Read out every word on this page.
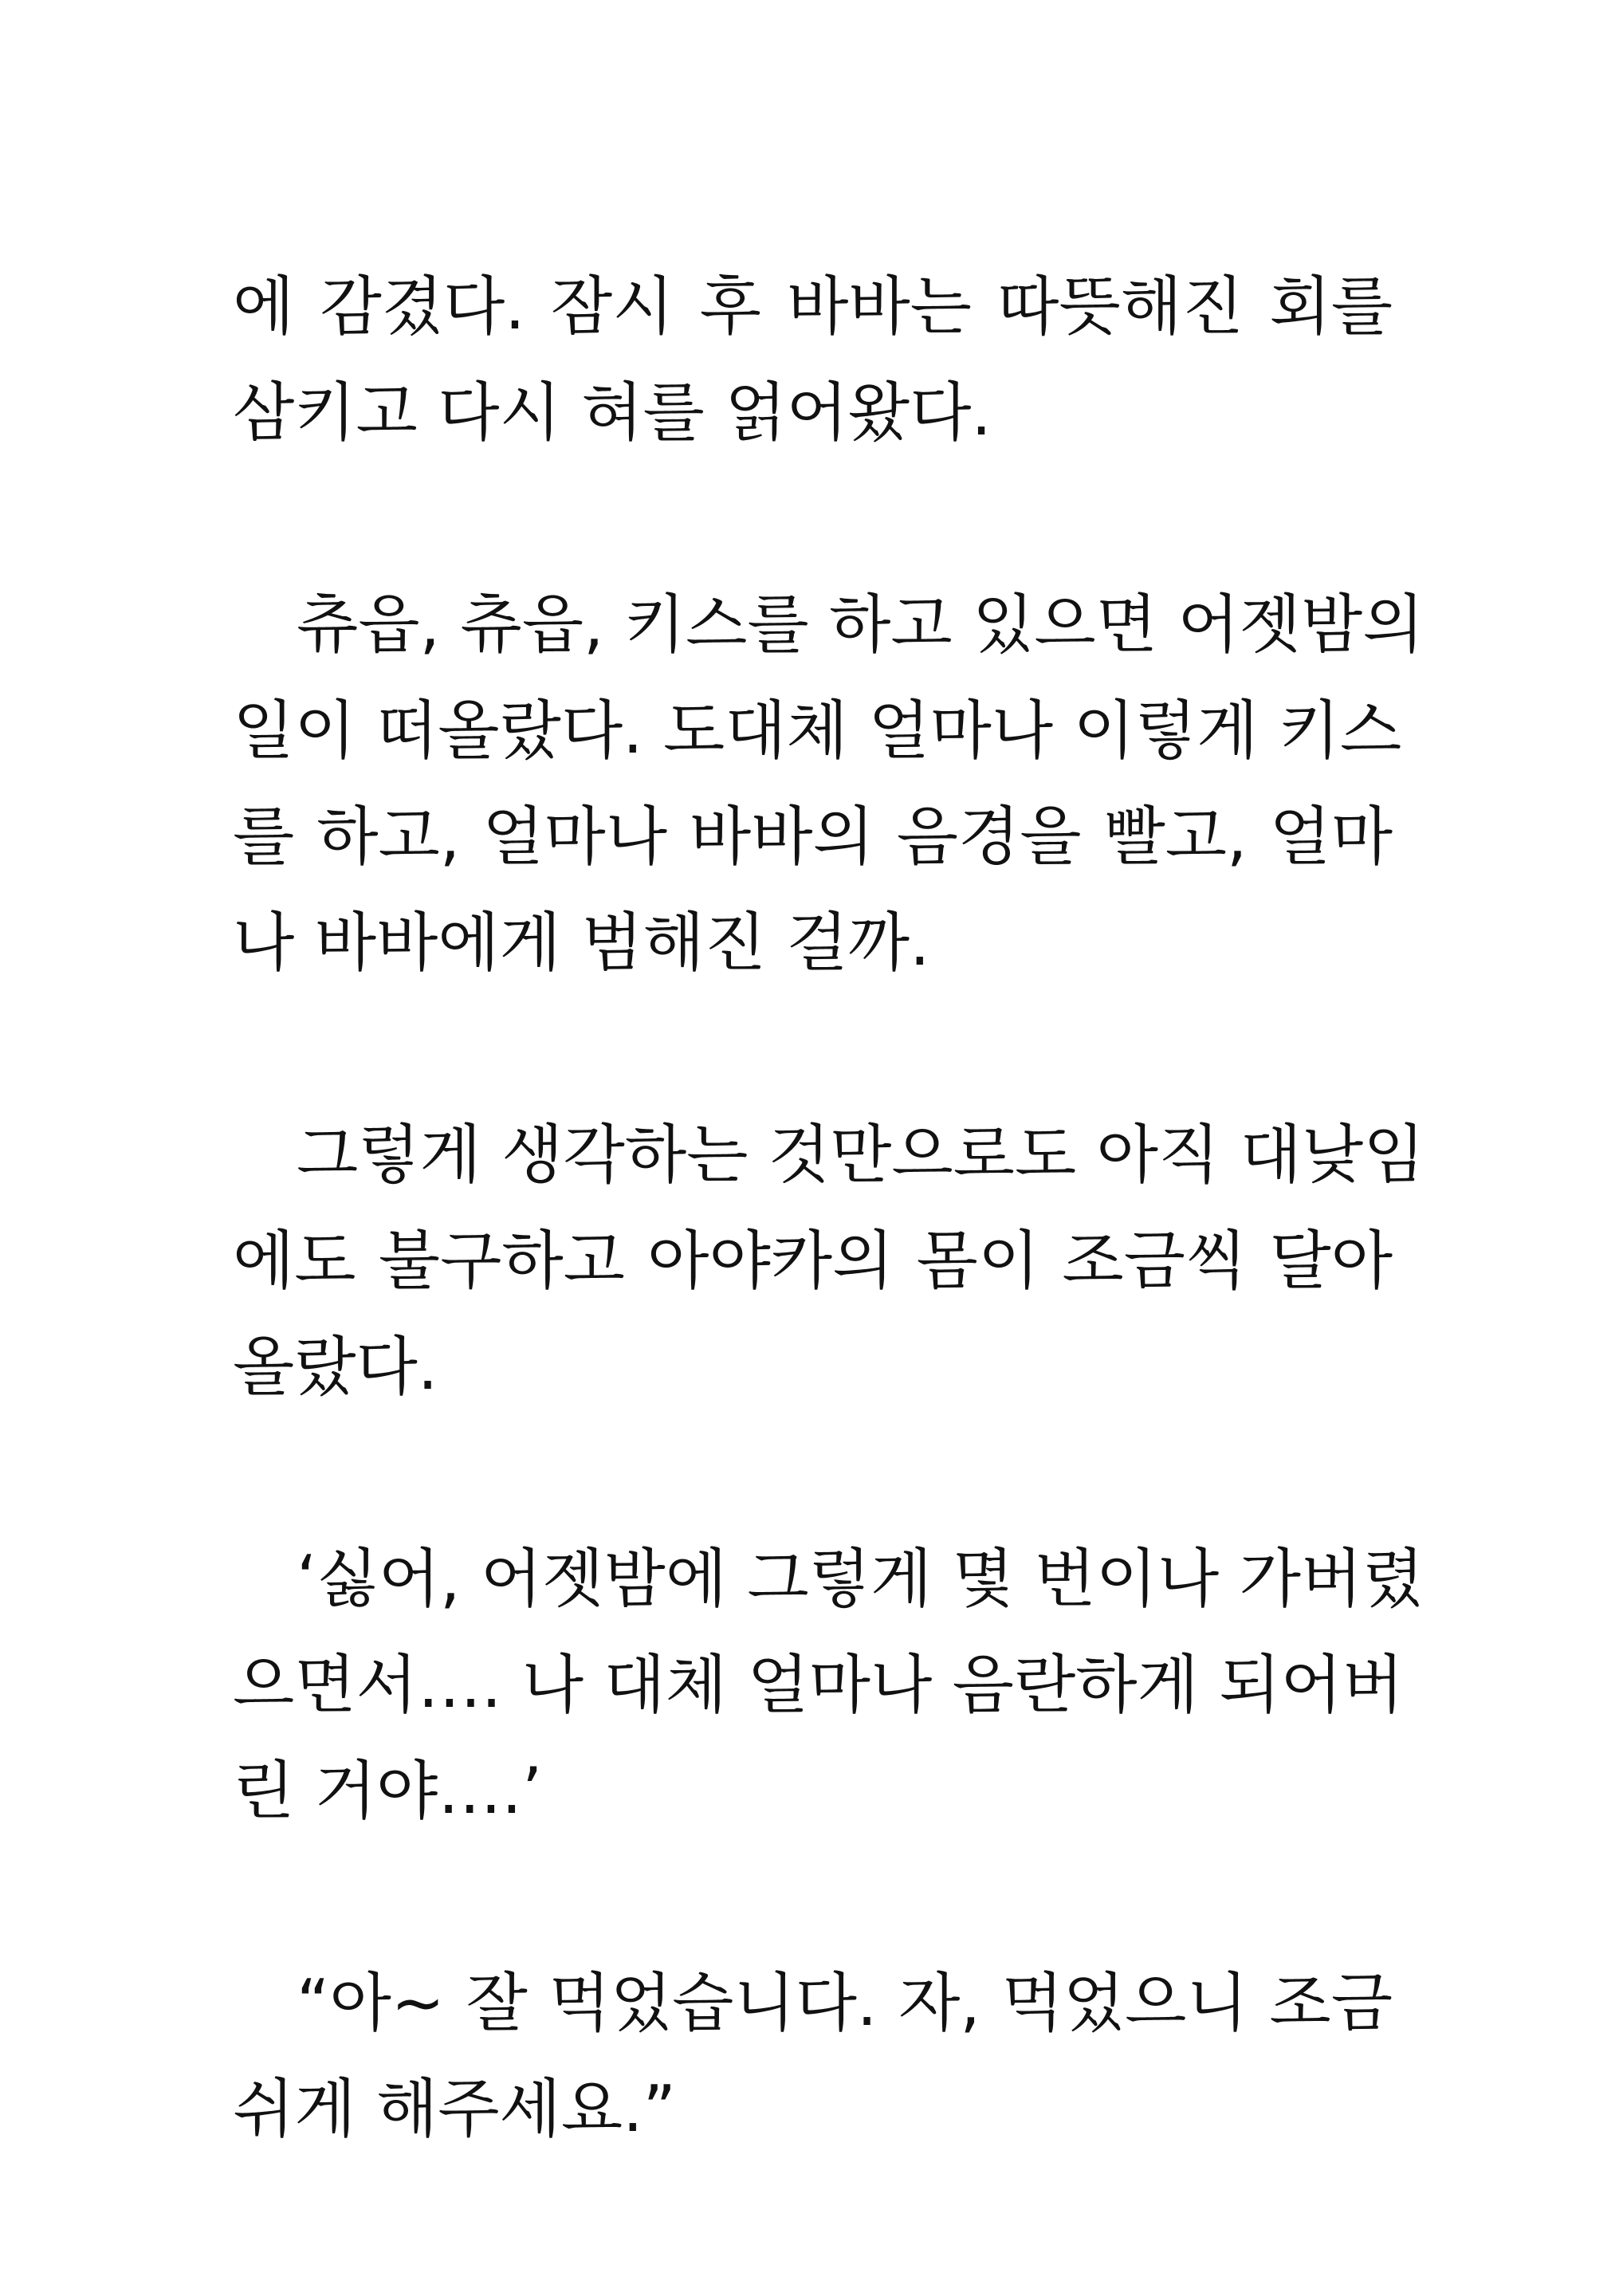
에 감겼다. 잠시 후 바바는 따뜻해진 회를
삼키고 다시 혀를 얽어왔다.
 츄읍, 츄읍, 키스를 하고 있으면 어젯밤의
일이 떠올랐다. 도대체 얼마나 이렇게 키스
를 하고, 얼마나 바바의 음경을 빨고, 얼마
나 바바에게 범해진 걸까.
 그렇게 생각하는 것만으로도 아직 대낮임
에도 불구하고 아야카의 몸이 조금씩 달아
올랐다.
 ‘싫어, 어젯밤에 그렇게 몇 번이나 가버렸
으면서…. 나 대체 얼마나 음란하게 되어버
린 거야….’
 “아~ 잘 먹었습니다. 자, 먹었으니 조금
쉬게 해주세요.”
